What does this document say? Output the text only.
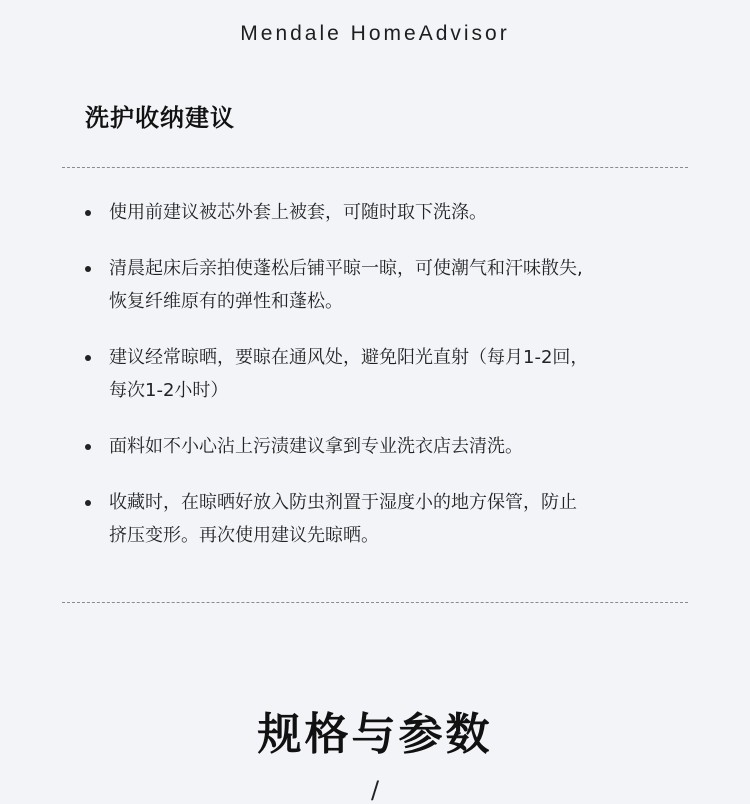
Mendale HomeAdvisor
洗护收纳建议
使用前建议被芯外套上被套，可随时取下洗涤。
清晨起床后亲拍使蓬松后铺平晾一晾，可使潮气和汗味散失,
恢复纤维原有的弹性和蓬松。
建议经常晾晒，要晾在通风处，避免阳光直射（每月1-2回，
每次1-2小时）
面料如不小心沾上污渍建议拿到专业洗衣店去清洗。
收藏时，在晾晒好放入防虫剂置于湿度小的地方保管，防止
挤压变形。再次使用建议先晾晒。
规格与参数
/
